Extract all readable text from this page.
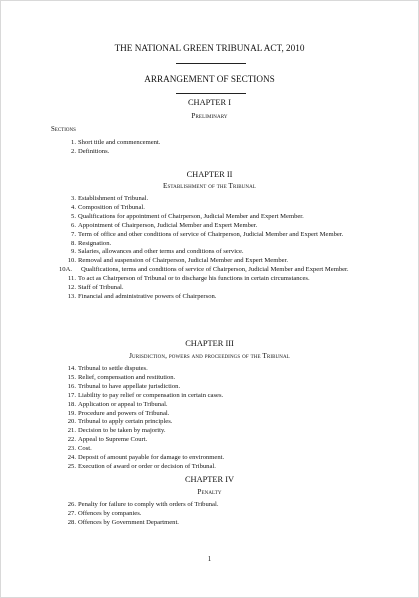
THE NATIONAL GREEN TRIBUNAL ACT, 2010
ARRANGEMENT OF SECTIONS
CHAPTER I
Preliminary
Sections
1. Short title and commencement.
2. Definitions.
CHAPTER II
Establishment of the Tribunal
3. Establishment of Tribunal.
4. Composition of Tribunal.
5. Qualifications for appointment of Chairperson, Judicial Member and Expert Member.
6. Appointment of Chairperson, Judicial Member and Expert Member.
7. Term of office and other conditions of service of Chairperson, Judicial Member and Expert Member.
8. Resignation.
9. Salaries, allowances and other terms and conditions of service.
10. Removal and suspension of Chairperson, Judicial Member and Expert Member.
10A.	Qualifications, terms and conditions of service of Chairperson, Judicial Member and Expert Member.
11. To act as Chairperson of Tribunal or to discharge his functions in certain circumstances.
12. Staff of Tribunal.
13. Financial and administrative powers of Chairperson.
CHAPTER III
Jurisdiction, powers and proceedings of the Tribunal
14. Tribunal to settle disputes.
15. Relief, compensation and restitution.
16. Tribunal to have appellate jurisdiction.
17. Liability to pay relief or compensation in certain cases.
18. Application or appeal to Tribunal.
19. Procedure and powers of Tribunal.
20. Tribunal to apply certain principles.
21. Decision to be taken by majority.
22. Appeal to Supreme Court.
23. Cost.
24. Deposit of amount payable for damage to environment.
25. Execution of award or order or decision of Tribunal.
CHAPTER IV
Penalty
26. Penalty for failure to comply with orders of Tribunal.
27. Offences by companies.
28. Offences by Government Department.
1
